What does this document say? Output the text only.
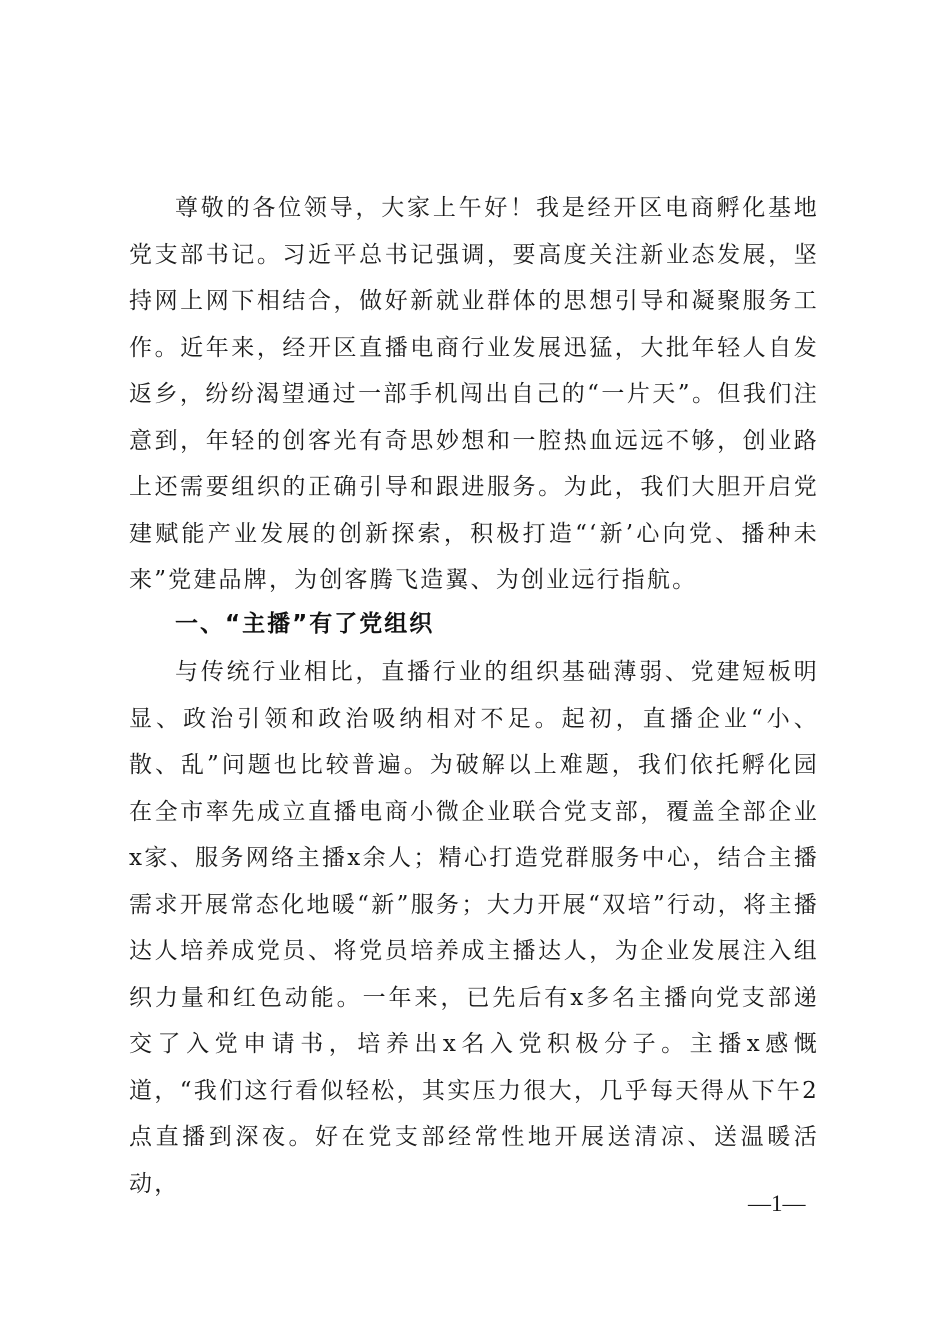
尊敬的各位领导，大家上午好！我是经开区电商孵化基地党支部书记。习近平总书记强调，要高度关注新业态发展，坚持网上网下相结合，做好新就业群体的思想引导和凝聚服务工作。近年来，经开区直播电商行业发展迅猛，大批年轻人自发返乡，纷纷渴望通过一部手机闯出自己的“一片天”。但我们注意到，年轻的创客光有奇思妙想和一腔热血远远不够，创业路上还需要组织的正确引导和跟进服务。为此，我们大胆开启党建赋能产业发展的创新探索，积极打造“‘新’心向党、播种未来”党建品牌，为创客腾飞造翼、为创业远行指航。

一、“主播”有了党组织

与传统行业相比，直播行业的组织基础薄弱、党建短板明显、政治引领和政治吸纳相对不足。起初，直播企业“小、散、乱”问题也比较普遍。为破解以上难题，我们依托孵化园在全市率先成立直播电商小微企业联合党支部，覆盖全部企业x家、服务网络主播x余人；精心打造党群服务中心，结合主播需求开展常态化地暖“新”服务；大力开展“双培”行动，将主播达人培养成党员、将党员培养成主播达人，为企业发展注入组织力量和红色动能。一年来，已先后有x多名主播向党支部递交了入党申请书，培养出x名入党积极分子。主播x感慨道，“我们这行看似轻松，其实压力很大，几乎每天得从下午2点直播到深夜。好在党支部经常性地开展送清凉、送温暖活动，

—1—
